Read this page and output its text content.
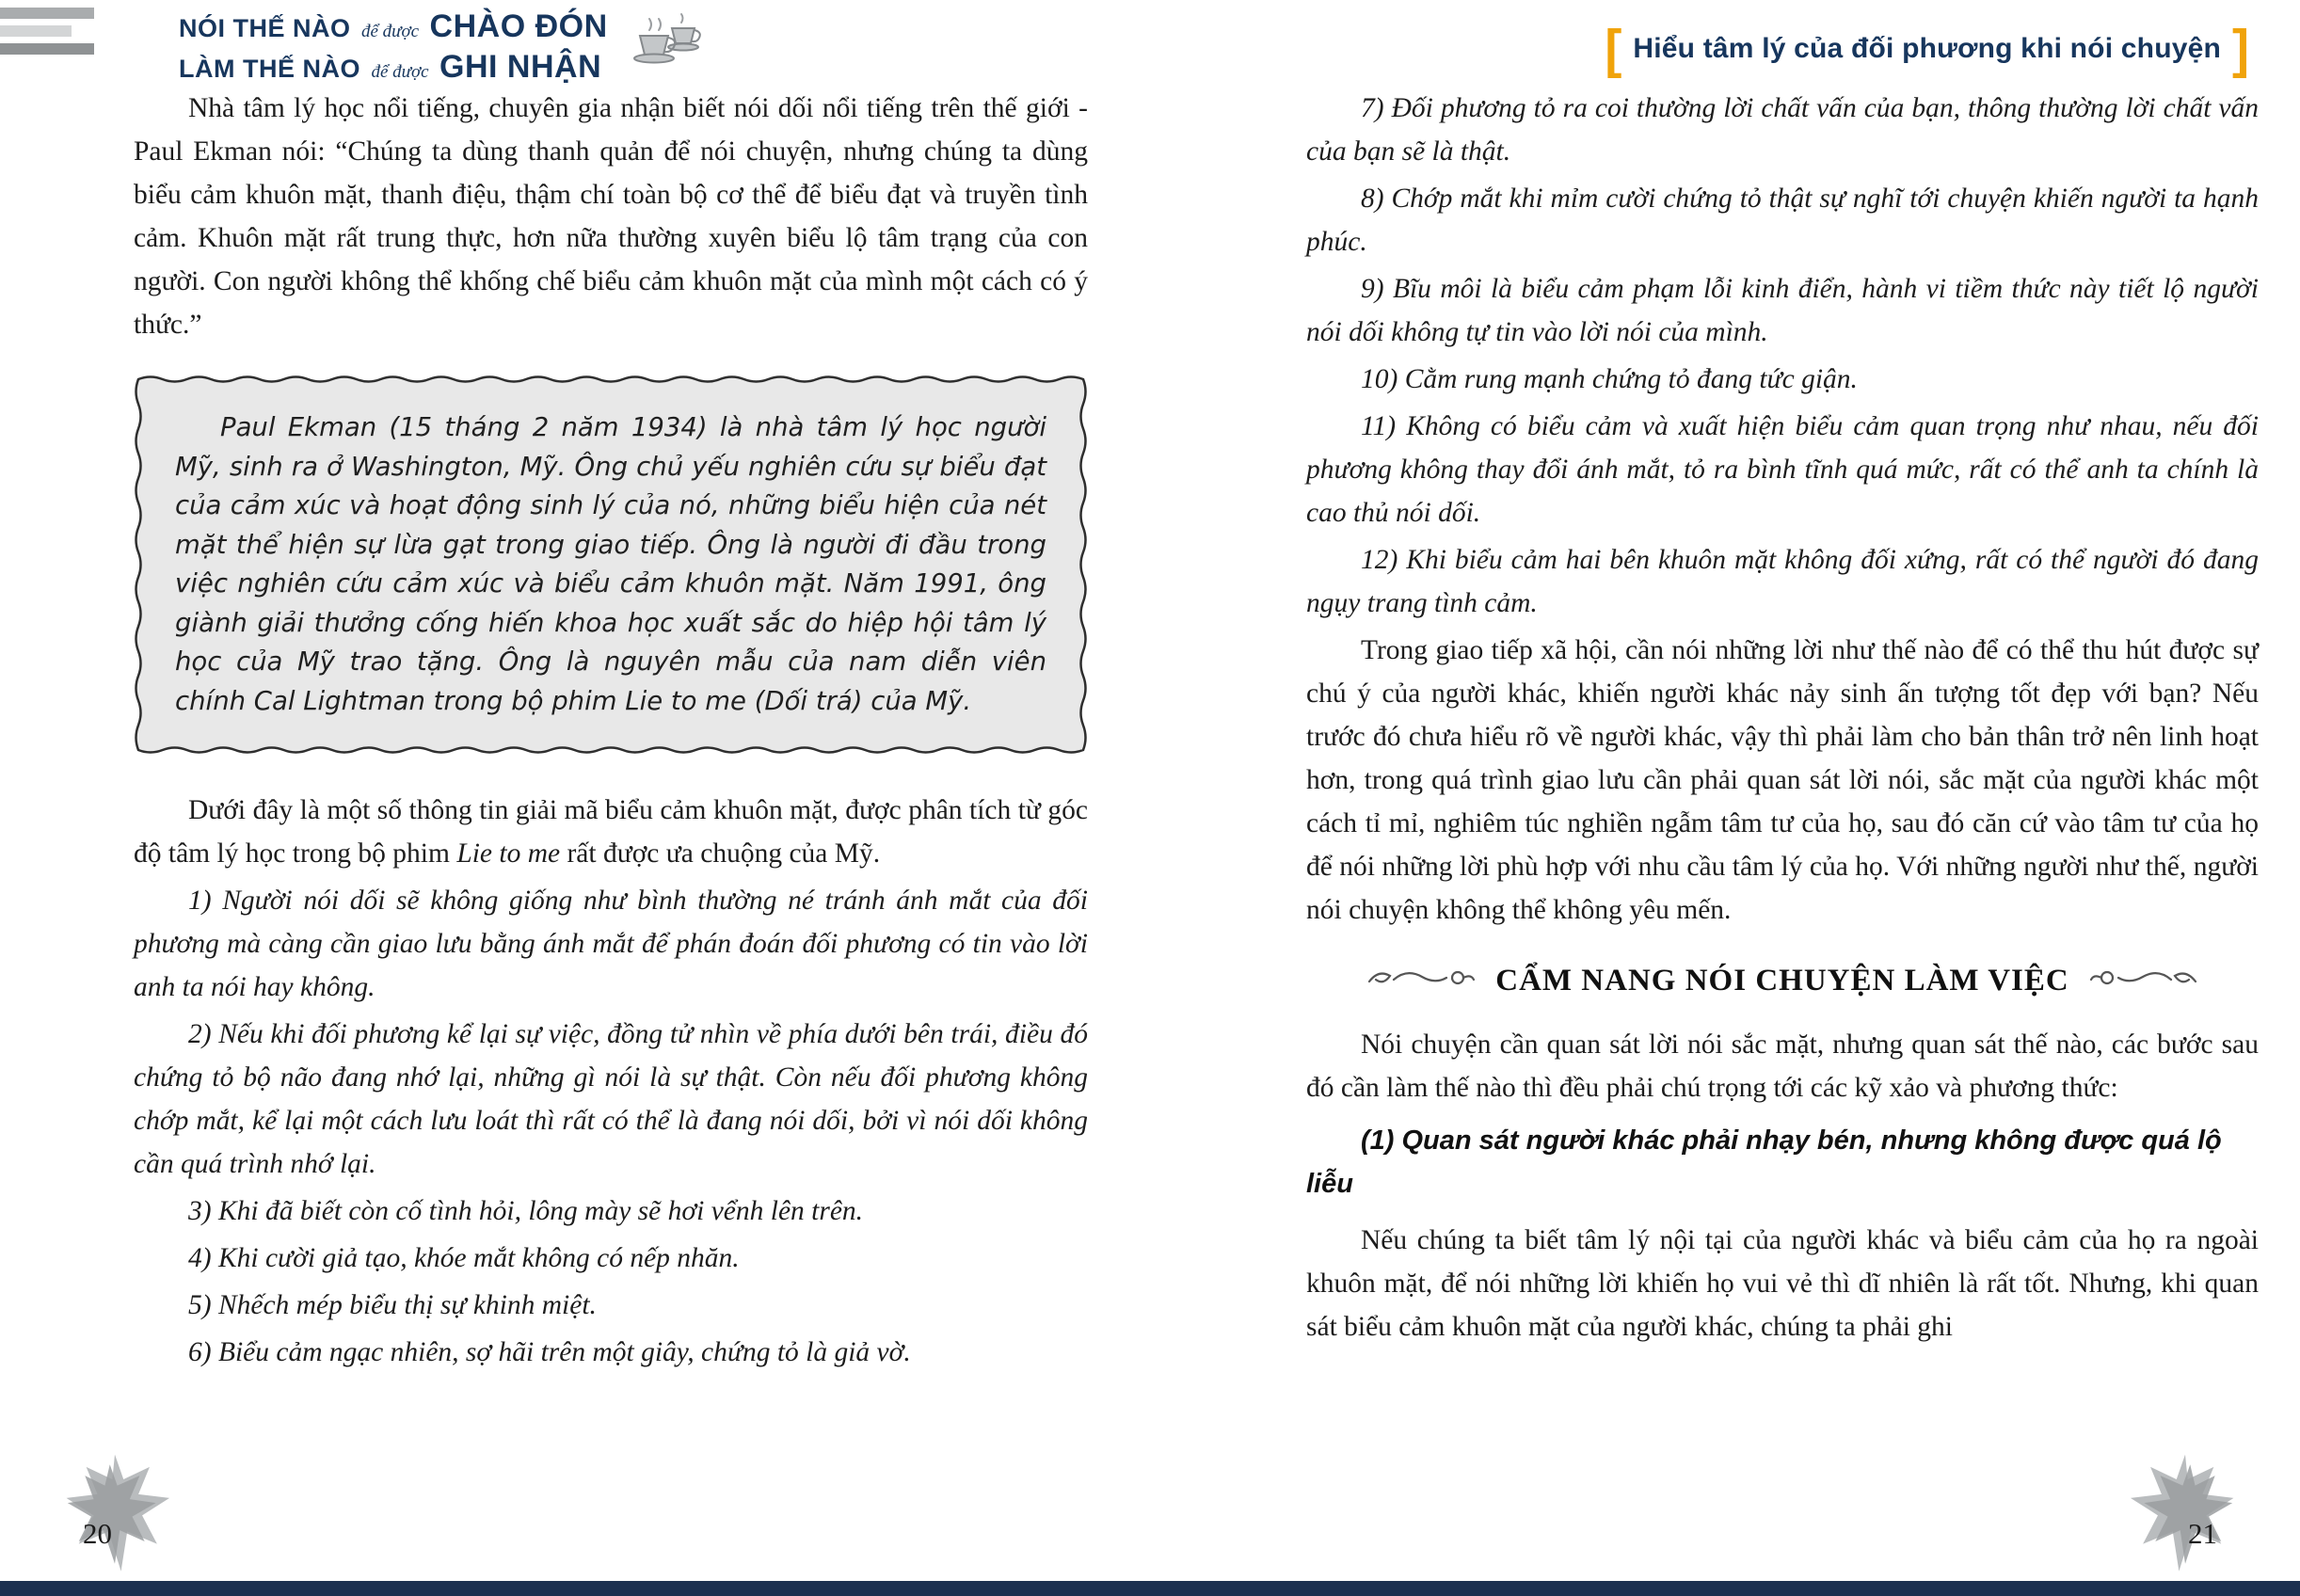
NÓI THẾ NÀO để được CHÀO ĐÓN
LÀM THẾ NÀO để được GHI NHẬN	[ Hiểu tâm lý của đối phương khi nói chuyện ]

Nhà tâm lý học nổi tiếng, chuyên gia nhận biết nói dối nổi tiếng trên thế giới - Paul Ekman nói: “Chúng ta dùng thanh quản để nói chuyện, nhưng chúng ta dùng biểu cảm khuôn mặt, thanh điệu, thậm chí toàn bộ cơ thể để biểu đạt và truyền tình cảm. Khuôn mặt rất trung thực, hơn nữa thường xuyên biểu lộ tâm trạng của con người. Con người không thể khống chế biểu cảm khuôn mặt của mình một cách có ý thức.”

Paul Ekman (15 tháng 2 năm 1934) là nhà tâm lý học người Mỹ, sinh ra ở Washington, Mỹ. Ông chủ yếu nghiên cứu sự biểu đạt của cảm xúc và hoạt động sinh lý của nó, những biểu hiện của nét mặt thể hiện sự lừa gạt trong giao tiếp. Ông là người đi đầu trong việc nghiên cứu cảm xúc và biểu cảm khuôn mặt. Năm 1991, ông giành giải thưởng cống hiến khoa học xuất sắc do hiệp hội tâm lý học của Mỹ trao tặng. Ông là nguyên mẫu của nam diễn viên chính Cal Lightman trong bộ phim Lie to me (Dối trá) của Mỹ.

Dưới đây là một số thông tin giải mã biểu cảm khuôn mặt, được phân tích từ góc độ tâm lý học trong bộ phim Lie to me rất được ưa chuộng của Mỹ.

1) Người nói dối sẽ không giống như bình thường né tránh ánh mắt của đối phương mà càng cần giao lưu bằng ánh mắt để phán đoán đối phương có tin vào lời anh ta nói hay không.

2) Nếu khi đối phương kể lại sự việc, đồng tử nhìn về phía dưới bên trái, điều đó chứng tỏ bộ não đang nhớ lại, những gì nói là sự thật. Còn nếu đối phương không chớp mắt, kể lại một cách lưu loát thì rất có thể là đang nói dối, bởi vì nói dối không cần quá trình nhớ lại.

3) Khi đã biết còn cố tình hỏi, lông mày sẽ hơi vểnh lên trên.

4) Khi cười giả tạo, khóe mắt không có nếp nhăn.

5) Nhếch mép biểu thị sự khinh miệt.

6) Biểu cảm ngạc nhiên, sợ hãi trên một giây, chứng tỏ là giả vờ.

7) Đối phương tỏ ra coi thường lời chất vấn của bạn, thông thường lời chất vấn của bạn sẽ là thật.

8) Chớp mắt khi mỉm cười chứng tỏ thật sự nghĩ tới chuyện khiến người ta hạnh phúc.

9) Bĩu môi là biểu cảm phạm lỗi kinh điển, hành vi tiềm thức này tiết lộ người nói dối không tự tin vào lời nói của mình.

10) Cằm rung mạnh chứng tỏ đang tức giận.

11) Không có biểu cảm và xuất hiện biểu cảm quan trọng như nhau, nếu đối phương không thay đổi ánh mắt, tỏ ra bình tĩnh quá mức, rất có thể anh ta chính là cao thủ nói dối.

12) Khi biểu cảm hai bên khuôn mặt không đối xứng, rất có thể người đó đang ngụy trang tình cảm.

Trong giao tiếp xã hội, cần nói những lời như thế nào để có thể thu hút được sự chú ý của người khác, khiến người khác nảy sinh ấn tượng tốt đẹp với bạn? Nếu trước đó chưa hiểu rõ về người khác, vậy thì phải làm cho bản thân trở nên linh hoạt hơn, trong quá trình giao lưu cần phải quan sát lời nói, sắc mặt của người khác một cách tỉ mỉ, nghiêm túc nghiền ngẫm tâm tư của họ, sau đó căn cứ vào tâm tư của họ để nói những lời phù hợp với nhu cầu tâm lý của họ. Với những người như thế, người nói chuyện không thể không yêu mến.

CẨM NANG NÓI CHUYỆN LÀM VIỆC

Nói chuyện cần quan sát lời nói sắc mặt, nhưng quan sát thế nào, các bước sau đó cần làm thế nào thì đều phải chú trọng tới các kỹ xảo và phương thức:

(1) Quan sát người khác phải nhạy bén, nhưng không được quá lộ liễu

Nếu chúng ta biết tâm lý nội tại của người khác và biểu cảm của họ ra ngoài khuôn mặt, để nói những lời khiến họ vui vẻ thì dĩ nhiên là rất tốt. Nhưng, khi quan sát biểu cảm khuôn mặt của người khác, chúng ta phải ghi

20	21
